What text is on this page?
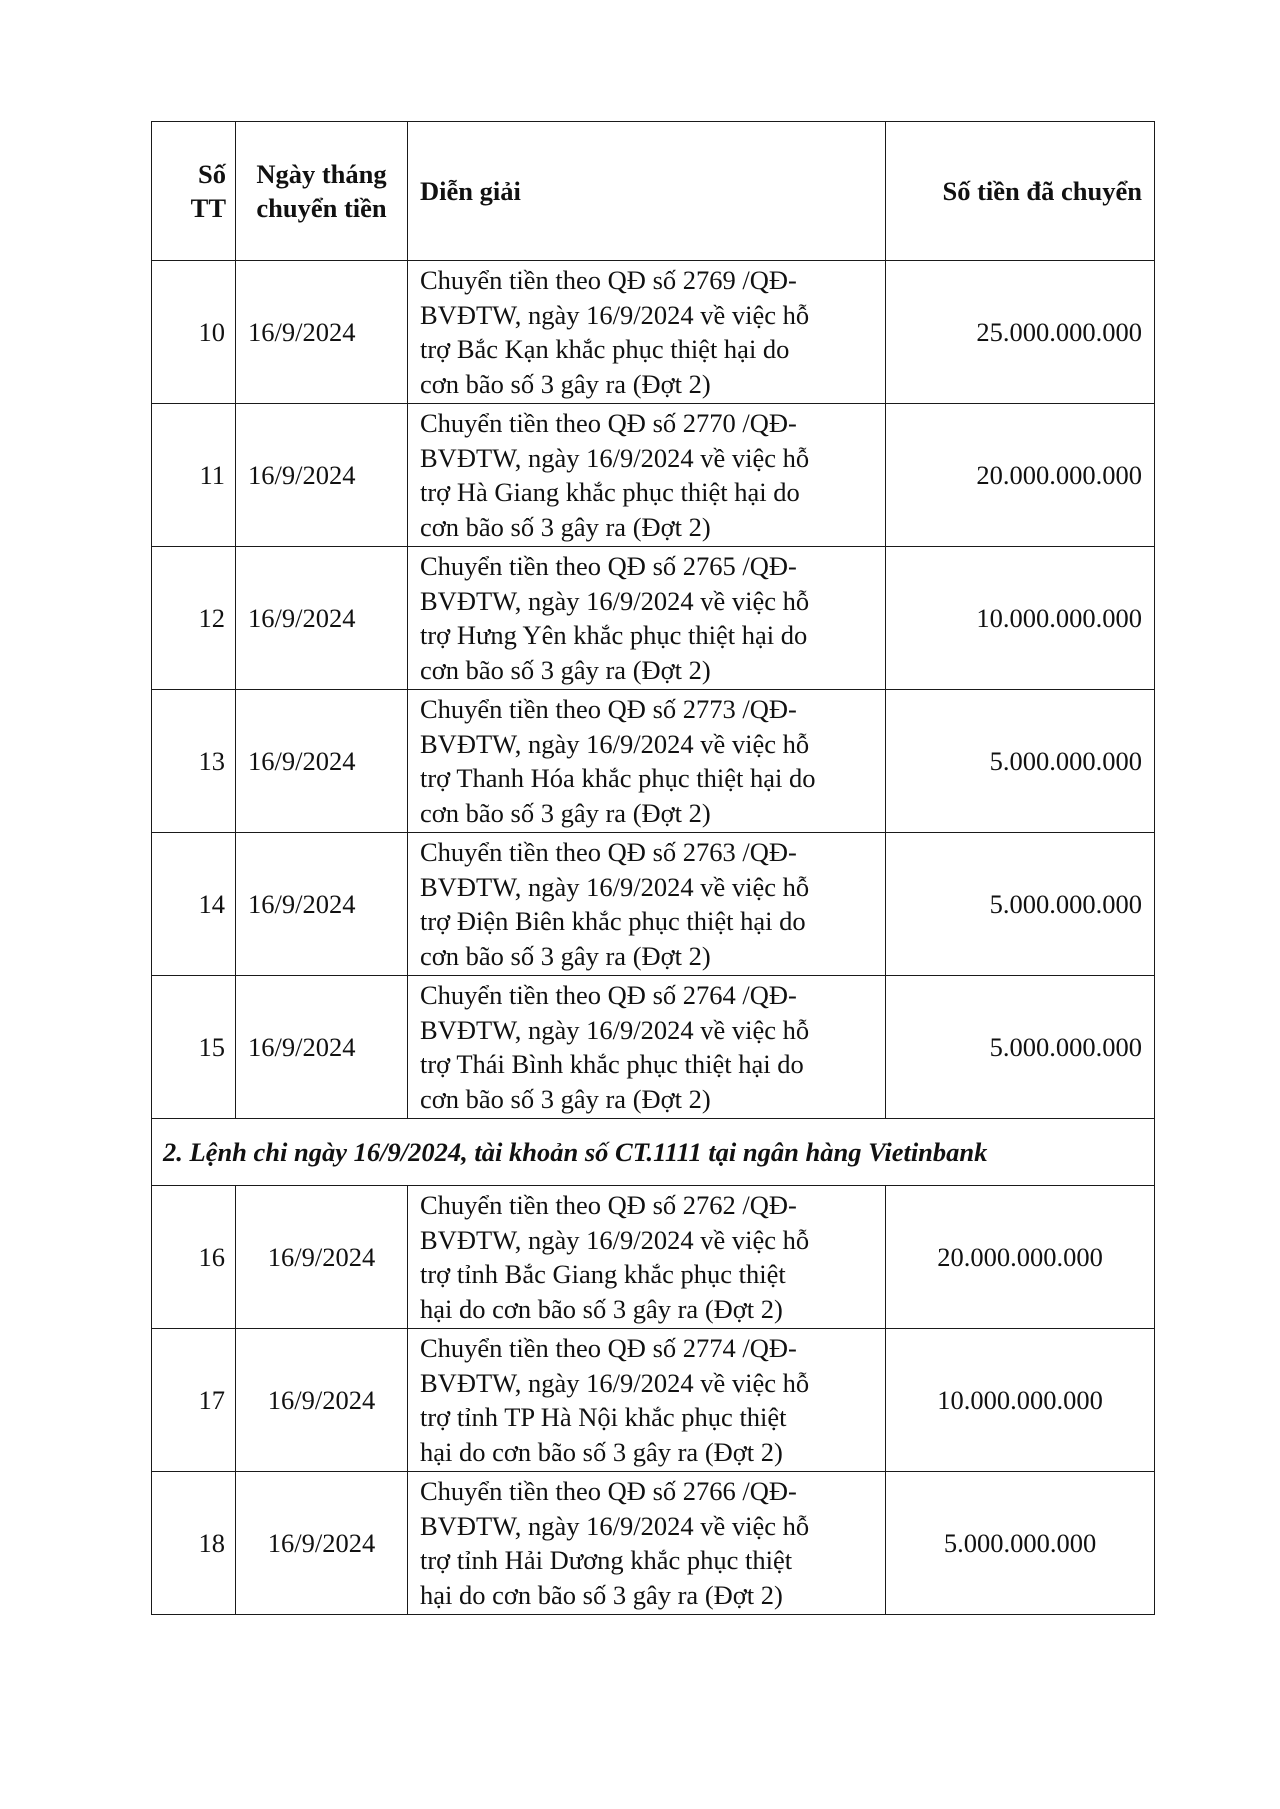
Số
TT	Ngày tháng
chuyển tiền	Diễn giải	Số tiền đã chuyển
10	16/9/2024	Chuyển tiền theo QĐ số 2769 /QĐ-
BVĐTW, ngày 16/9/2024 về việc hỗ
trợ Bắc Kạn khắc phục thiệt hại do
cơn bão số 3 gây ra (Đợt 2)	25.000.000.000
11	16/9/2024	Chuyển tiền theo QĐ số 2770 /QĐ-
BVĐTW, ngày 16/9/2024 về việc hỗ
trợ Hà Giang khắc phục thiệt hại do
cơn bão số 3 gây ra (Đợt 2)	20.000.000.000
12	16/9/2024	Chuyển tiền theo QĐ số 2765 /QĐ-
BVĐTW, ngày 16/9/2024 về việc hỗ
trợ Hưng Yên khắc phục thiệt hại do
cơn bão số 3 gây ra (Đợt 2)	10.000.000.000
13	16/9/2024	Chuyển tiền theo QĐ số 2773 /QĐ-
BVĐTW, ngày 16/9/2024 về việc hỗ
trợ Thanh Hóa khắc phục thiệt hại do
cơn bão số 3 gây ra (Đợt 2)	5.000.000.000
14	16/9/2024	Chuyển tiền theo QĐ số 2763 /QĐ-
BVĐTW, ngày 16/9/2024 về việc hỗ
trợ Điện Biên khắc phục thiệt hại do
cơn bão số 3 gây ra (Đợt 2)	5.000.000.000
15	16/9/2024	Chuyển tiền theo QĐ số 2764 /QĐ-
BVĐTW, ngày 16/9/2024 về việc hỗ
trợ Thái Bình khắc phục thiệt hại do
cơn bão số 3 gây ra (Đợt 2)	5.000.000.000
2. Lệnh chi ngày 16/9/2024, tài khoản số CT.1111 tại ngân hàng Vietinbank			
16	16/9/2024	Chuyển tiền theo QĐ số 2762 /QĐ-
BVĐTW, ngày 16/9/2024 về việc hỗ
trợ tỉnh Bắc Giang khắc phục thiệt
hại do cơn bão số 3 gây ra (Đợt 2)	20.000.000.000
17	16/9/2024	Chuyển tiền theo QĐ số 2774 /QĐ-
BVĐTW, ngày 16/9/2024 về việc hỗ
trợ tỉnh TP Hà Nội khắc phục thiệt
hại do cơn bão số 3 gây ra (Đợt 2)	10.000.000.000
18	16/9/2024	Chuyển tiền theo QĐ số 2766 /QĐ-
BVĐTW, ngày 16/9/2024 về việc hỗ
trợ tỉnh Hải Dương khắc phục thiệt
hại do cơn bão số 3 gây ra (Đợt 2)	5.000.000.000
